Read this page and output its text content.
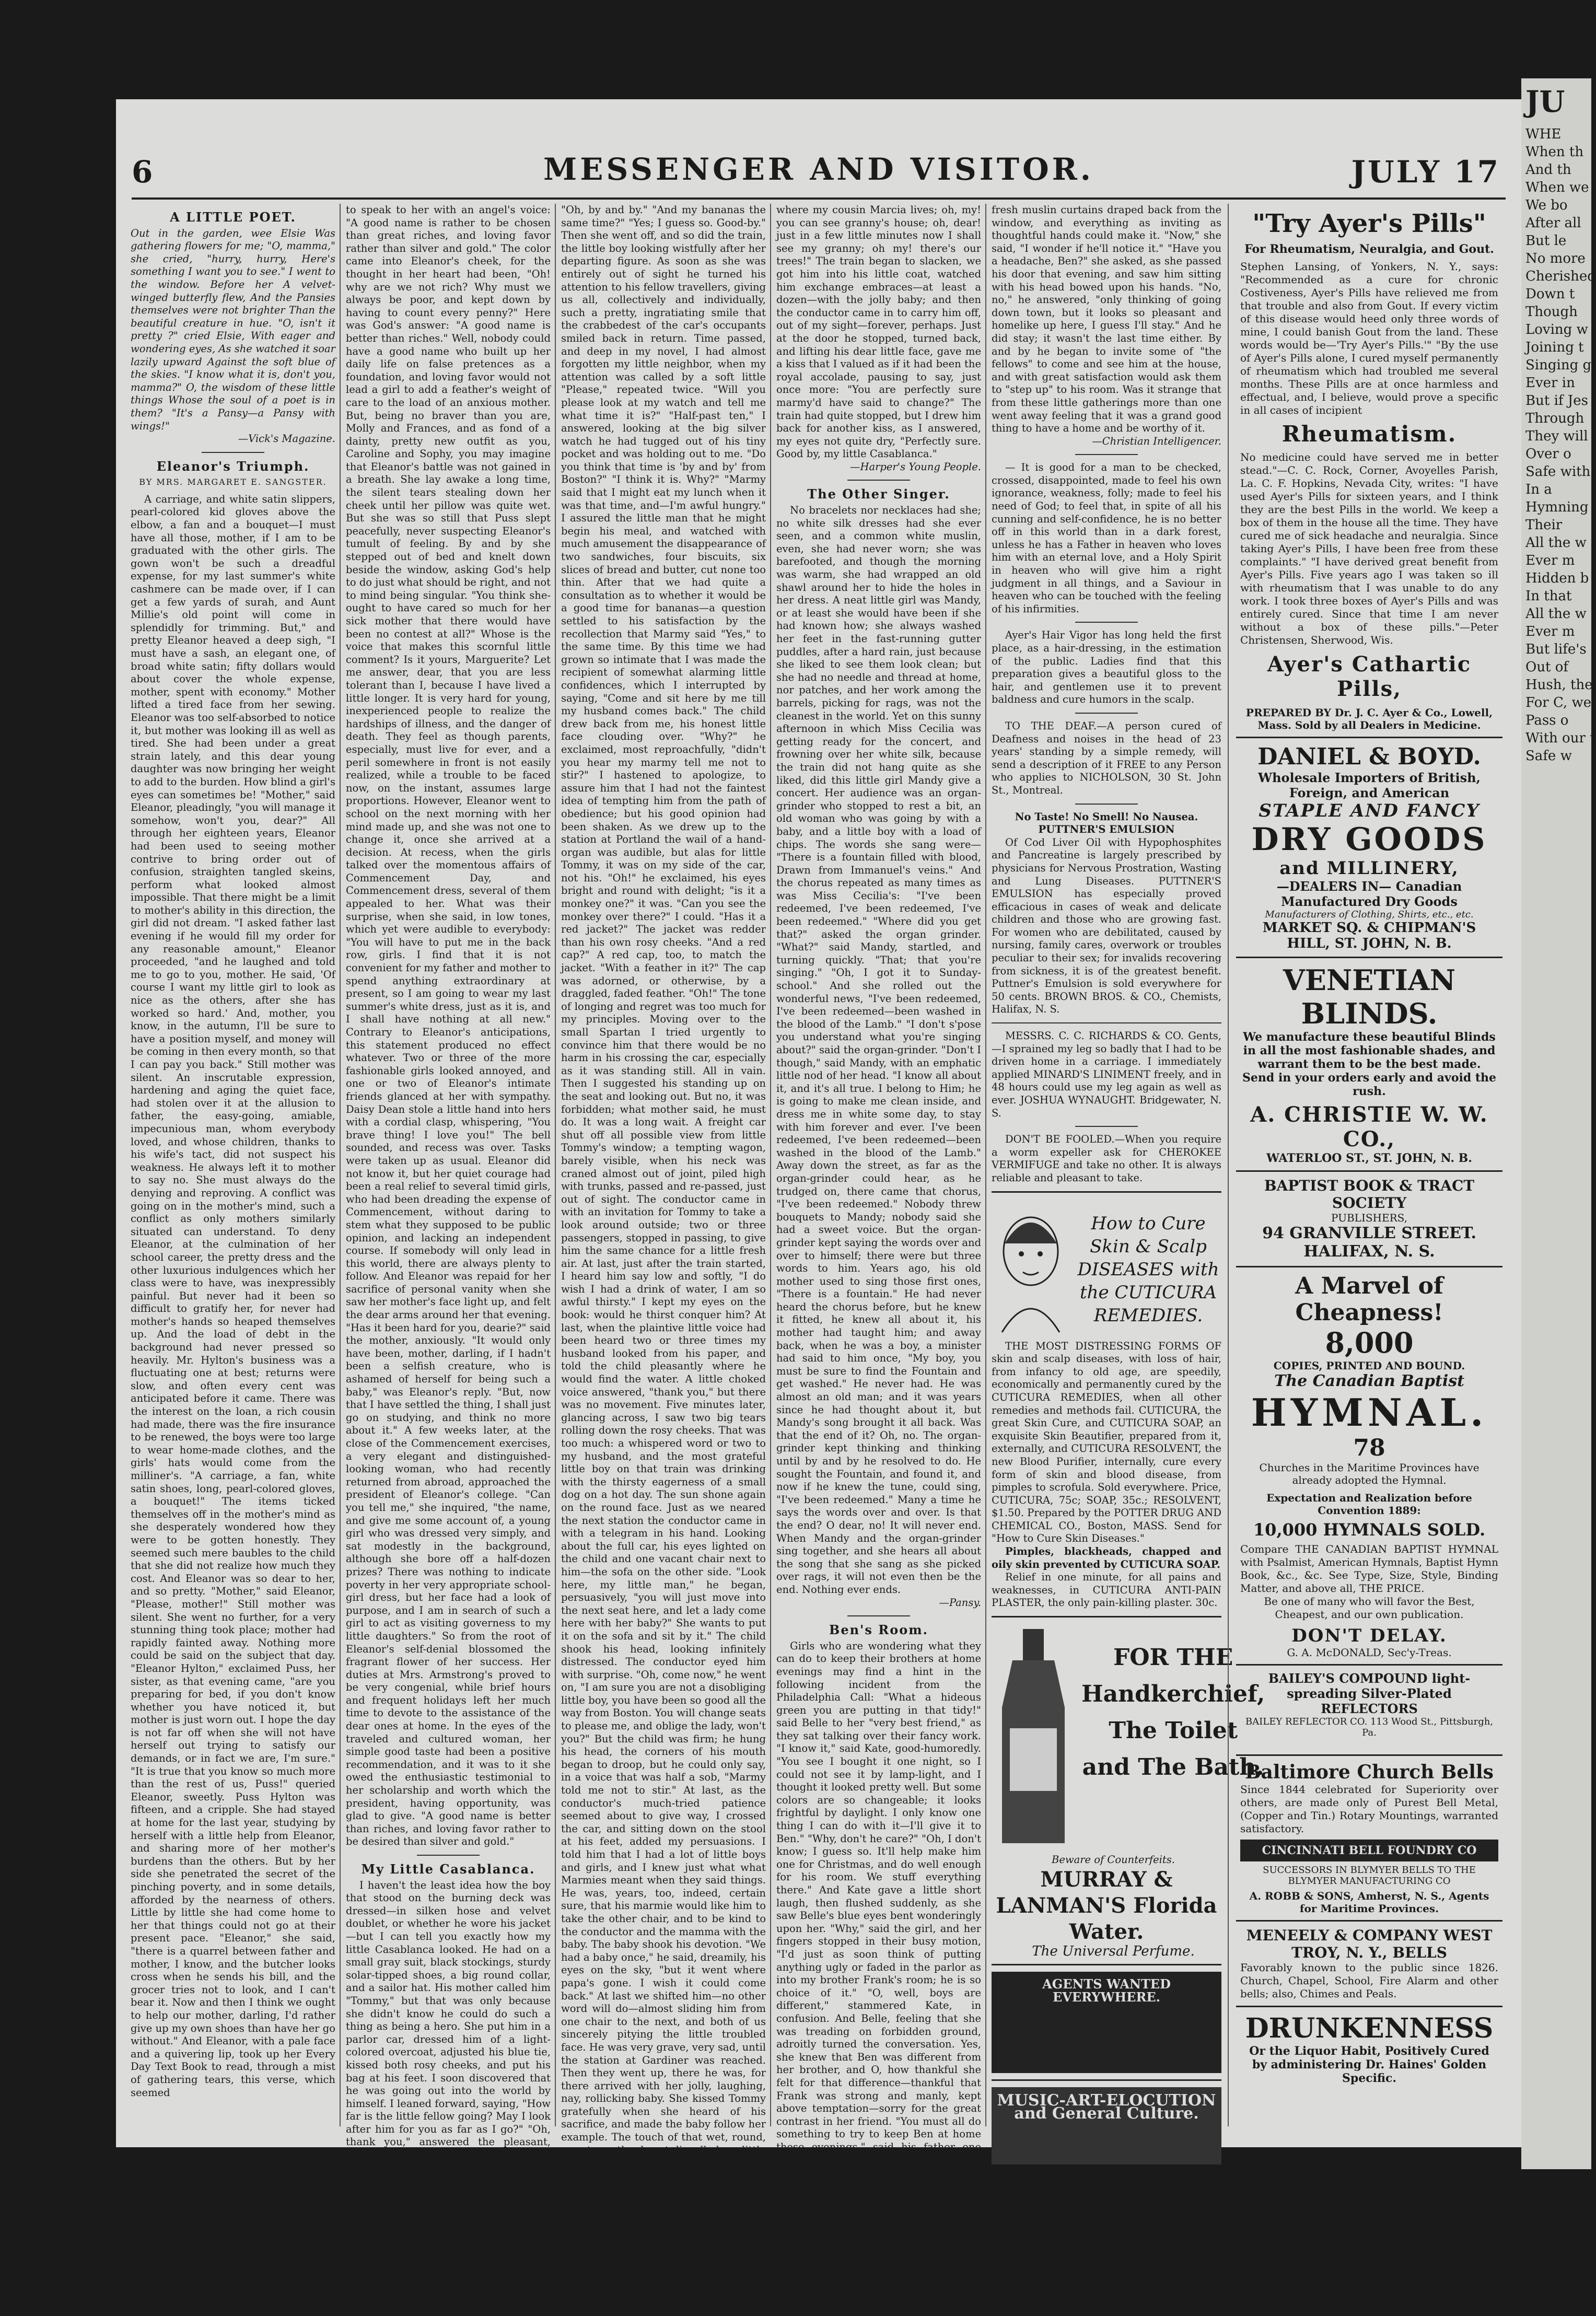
JU
WHE
When th
And th
When we
We bo
After all
But le
No more
Cherished
Down t
Though
Loving w
Joining t
Singing g
Ever in
But if Jes
Through
They will
Over o
Safe with
In a
Hymning
Their
All the w
Ever m
Hidden b
In that
All the w
Ever m
But life's
Out of
Hush, the
For C, we
Pass o
With our t
Safe w
6	MESSENGER AND VISITOR.	JULY 17
A LITTLE POET.

Out in the garden, wee Elsie Was gathering flowers for me; "O, mamma," she cried, "hurry, hurry, Here's something I want you to see." I went to the window. Before her A velvet-winged butterfly flew, And the Pansies themselves were not brighter Than the beautiful creature in hue. "O, isn't it pretty ?" cried Elsie, With eager and wondering eyes, As she watched it soar lazily upward Against the soft blue of the skies. "I know what it is, don't you, mamma?" O, the wisdom of these little things Whose the soul of a poet is in them? "It's a Pansy—a Pansy with wings!"

—Vick's Magazine.

Eleanor's Triumph.
BY MRS. MARGARET E. SANGSTER.

A carriage, and white satin slippers, pearl-colored kid gloves above the elbow, a fan and a bouquet—I must have all those, mother, if I am to be graduated with the other girls. The gown won't be such a dreadful expense, for my last summer's white cashmere can be made over, if I can get a few yards of surah, and Aunt Millie's old point will come in splendidly for trimming. But," and pretty Eleanor heaved a deep sigh, "I must have a sash, an elegant one, of broad white satin; fifty dollars would about cover the whole expense, mother, spent with economy." Mother lifted a tired face from her sewing. Eleanor was too self-absorbed to notice it, but mother was looking ill as well as tired. She had been under a great strain lately, and this dear young daughter was now bringing her weight to add to the burden. How blind a girl's eyes can sometimes be! "Mother," said Eleanor, pleadingly, "you will manage it somehow, won't you, dear?" All through her eighteen years, Eleanor had been used to seeing mother contrive to bring order out of confusion, straighten tangled skeins, perform what looked almost impossible. That there might be a limit to mother's ability in this direction, the girl did not dream. "I asked father last evening if he would fill my order for any reasonable amount," Eleanor proceeded, "and he laughed and told me to go to you, mother. He said, 'Of course I want my little girl to look as nice as the others, after she has worked so hard.' And, mother, you know, in the autumn, I'll be sure to have a position myself, and money will be coming in then every month, so that I can pay you back." Still mother was silent. An inscrutable expression, hardening and aging the quiet face, had stolen over it at the allusion to father, the easy-going, amiable, impecunious man, whom everybody loved, and whose children, thanks to his wife's tact, did not suspect his weakness. He always left it to mother to say no. She must always do the denying and reproving. A conflict was going on in the mother's mind, such a conflict as only mothers similarly situated can understand. To deny Eleanor, at the culmination of her school career, the pretty dress and the other luxurious indulgences which her class were to have, was inexpressibly painful. But never had it been so difficult to gratify her, for never had mother's hands so heaped themselves up. And the load of debt in the background had never pressed so heavily. Mr. Hylton's business was a fluctuating one at best; returns were slow, and often every cent was anticipated before it came. There was the interest on the loan, a rich cousin had made, there was the fire insurance to be renewed, the boys were too large to wear home-made clothes, and the girls' hats would come from the milliner's. "A carriage, a fan, white satin shoes, long, pearl-colored gloves, a bouquet!" The items ticked themselves off in the mother's mind as she desperately wondered how they were to be gotten honestly. They seemed such mere baubles to the child that she did not realize how much they cost. And Eleanor was so dear to her, and so pretty. "Mother," said Eleanor, "Please, mother!" Still mother was silent. She went no further, for a very stunning thing took place; mother had rapidly fainted away. Nothing more could be said on the subject that day. "Eleanor Hylton," exclaimed Puss, her sister, as that evening came, "are you preparing for bed, if you don't know whether you have noticed it, but mother is just worn out. I hope the day is not far off when she will not have herself out trying to satisfy our demands, or in fact we are, I'm sure." "It is true that you know so much more than the rest of us, Puss!" queried Eleanor, sweetly. Puss Hylton was fifteen, and a cripple. She had stayed at home for the last year, studying by herself with a little help from Eleanor, and sharing more of her mother's burdens than the others. But by her side she penetrated the secret of the pinching poverty, and in some details, afforded by the nearness of others. Little by little she had come home to her that things could not go at their present pace. "Eleanor," she said, "there is a quarrel between father and mother, I know, and the butcher looks cross when he sends his bill, and the grocer tries not to look, and I can't bear it. Now and then I think we ought to help our mother, darling, I'd rather give up my own shoes than have her go without." And Eleanor, with a pale face and a quivering lip, took up her Every Day Text Book to read, through a mist of gathering tears, this verse, which seemed

to speak to her with an angel's voice: "A good name is rather to be chosen than great riches, and loving favor rather than silver and gold." The color came into Eleanor's cheek, for the thought in her heart had been, "Oh! why are we not rich? Why must we always be poor, and kept down by having to count every penny?" Here was God's answer: "A good name is better than riches." Well, nobody could have a good name who built up her daily life on false pretences as a foundation, and loving favor would not lead a girl to add a feather's weight of care to the load of an anxious mother. But, being no braver than you are, Molly and Frances, and as fond of a dainty, pretty new outfit as you, Caroline and Sophy, you may imagine that Eleanor's battle was not gained in a breath. She lay awake a long time, the silent tears stealing down her cheek until her pillow was quite wet. But she was so still that Puss slept peacefully, never suspecting Eleanor's tumult of feeling. By and by she stepped out of bed and knelt down beside the window, asking God's help to do just what should be right, and not to mind being singular. "You think she-ought to have cared so much for her sick mother that there would have been no contest at all?" Whose is the voice that makes this scornful little comment? Is it yours, Marguerite? Let me answer, dear, that you are less tolerant than I, because I have lived a little longer. It is very hard for young, inexperienced people to realize the hardships of illness, and the danger of death. They feel as though parents, especially, must live for ever, and a peril somewhere in front is not easily realized, while a trouble to be faced now, on the instant, assumes large proportions. However, Eleanor went to school on the next morning with her mind made up, and she was not one to change it, once she arrived at a decision. At recess, when the girls talked over the momentous affairs of Commencement Day, and Commencement dress, several of them appealed to her. What was their surprise, when she said, in low tones, which yet were audible to everybody: "You will have to put me in the back row, girls. I find that it is not convenient for my father and mother to spend anything extraordinary at present, so I am going to wear my last summer's white dress, just as it is, and I shall have nothing at all new." Contrary to Eleanor's anticipations, this statement produced no effect whatever. Two or three of the more fashionable girls looked annoyed, and one or two of Eleanor's intimate friends glanced at her with sympathy. Daisy Dean stole a little hand into hers with a cordial clasp, whispering, "You brave thing! I love you!" The bell sounded, and recess was over. Tasks were taken up as usual. Eleanor did not know it, but her quiet courage had been a real relief to several timid girls, who had been dreading the expense of Commencement, without daring to stem what they supposed to be public opinion, and lacking an independent course. If somebody will only lead in this world, there are always plenty to follow. And Eleanor was repaid for her sacrifice of personal vanity when she saw her mother's face light up, and felt the dear arms around her that evening. "Has it been hard for you, dearie?" said the mother, anxiously. "It would only have been, mother, darling, if I hadn't been a selfish creature, who is ashamed of herself for being such a baby," was Eleanor's reply. "But, now that I have settled the thing, I shall just go on studying, and think no more about it." A few weeks later, at the close of the Commencement exercises, a very elegant and distinguished-looking woman, who had recently returned from abroad, approached the president of Eleanor's college. "Can you tell me," she inquired, "the name, and give me some account of, a young girl who was dressed very simply, and sat modestly in the background, although she bore off a half-dozen prizes? There was nothing to indicate poverty in her very appropriate school-girl dress, but her face had a look of purpose, and I am in search of such a girl to act as visiting governess to my little daughters." So from the root of Eleanor's self-denial blossomed the fragrant flower of her success. Her duties at Mrs. Armstrong's proved to be very congenial, while brief hours and frequent holidays left her much time to devote to the assistance of the dear ones at home. In the eyes of the traveled and cultured woman, her simple good taste had been a positive recommendation, and it was to it she owed the enthusiastic testimonial to her scholarship and worth which the president, having opportunity, was glad to give. "A good name is better than riches, and loving favor rather to be desired than silver and gold."

My Little Casablanca.

I haven't the least idea how the boy that stood on the burning deck was dressed—in silken hose and velvet doublet, or whether he wore his jacket—but I can tell you exactly how my little Casablanca looked. He had on a small gray suit, black stockings, sturdy solar-tipped shoes, a big round collar, and a sailor hat. His mother called him "Tommy," but that was only because she didn't know he could do such a thing as being a hero. She put him in a parlor car, dressed him of a light-colored overcoat, adjusted his blue tie, kissed both rosy cheeks, and put his bag at his feet. I soon discovered that he was going out into the world by himself. I leaned forward, saying, "How far is the little fellow going? May I look after him for you as far as I go?" "Oh, thank you," answered the pleasant, nursery-looking woman, "he's going to his grandpa's in Gardiner, and he won't go till he gets there, will you, Tommy?" "I won't stir out of my seat, and I'll tell all my messages." "That's a good boy; don't forget now." "I'll give your love to grampy and granny, and to Uncle Will and Aunt Jane." "Don't forget about Cousin Marcia and her folks." "I won't!" "And tell Mrs. Peters how we saw her brother. Good-by; be a good boy, and mind what grampy says." "Marmy, when shall I eat my lunch?"

"Oh, by and by." "And my bananas the same time?" "Yes; I guess so. Good-by." Then she went off, and so did the train, the little boy looking wistfully after her departing figure. As soon as she was entirely out of sight he turned his attention to his fellow travellers, giving us all, collectively and individually, such a pretty, ingratiating smile that the crabbedest of the car's occupants smiled back in return. Time passed, and deep in my novel, I had almost forgotten my little neighbor, when my attention was called by a soft little "Please," repeated twice. "Will you please look at my watch and tell me what time it is?" "Half-past ten," I answered, looking at the big silver watch he had tugged out of his tiny pocket and was holding out to me. "Do you think that time is 'by and by' from Boston?" "I think it is. Why?" "Marmy said that I might eat my lunch when it was that time, and—I'm awful hungry." I assured the little man that he might begin his meal, and watched with much amusement the disappearance of two sandwiches, four biscuits, six slices of bread and butter, cut none too thin. After that we had quite a consultation as to whether it would be a good time for bananas—a question settled to his satisfaction by the recollection that Marmy said "Yes," to the same time. By this time we had grown so intimate that I was made the recipient of somewhat alarming little confidences, which I interrupted by saying, "Come and sit here by me till my husband comes back." The child drew back from me, his honest little face clouding over. "Why?" he exclaimed, most reproachfully, "didn't you hear my marmy tell me not to stir?" I hastened to apologize, to assure him that I had not the faintest idea of tempting him from the path of obedience; but his good opinion had been shaken. As we drew up to the station at Portland the wail of a hand-organ was audible, but alas for little Tommy, it was on my side of the car, not his. "Oh!" he exclaimed, his eyes bright and round with delight; "is it a monkey one?" it was. "Can you see the monkey over there?" I could. "Has it a red jacket?" The jacket was redder than his own rosy cheeks. "And a red cap?" A red cap, too, to match the jacket. "With a feather in it?" The cap was adorned, or otherwise, by a draggled, faded feather. "Oh!" The tone of longing and regret was too much for my principles. Moving over to the small Spartan I tried urgently to convince him that there would be no harm in his crossing the car, especially as it was standing still. All in vain. Then I suggested his standing up on the seat and looking out. But no, it was forbidden; what mother said, he must do. It was a long wait. A freight car shut off all possible view from little Tommy's window; a tempting wagon, barely visible, when his neck was craned almost out of joint, piled high with trunks, passed and re-passed, just out of sight. The conductor came in with an invitation for Tommy to take a look around outside; two or three passengers, stopped in passing, to give him the same chance for a little fresh air. At last, just after the train started, I heard him say low and softly, "I do wish I had a drink of water, I am so awful thirsty." I kept my eyes on the book: would he thirst conquer him? At last, when the plaintive little voice had been heard two or three times my husband looked from his paper, and told the child pleasantly where he would find the water. A little choked voice answered, "thank you," but there was no movement. Five minutes later, glancing across, I saw two big tears rolling down the rosy cheeks. That was too much: a whispered word or two to my husband, and the most grateful little boy on that train was drinking with the thirsty eagerness of a small dog on a hot day. The sun shone again on the round face. Just as we neared the next station the conductor came in with a telegram in his hand. Looking about the full car, his eyes lighted on the child and one vacant chair next to him—the sofa on the other side. "Look here, my little man," he began, persuasively, "you will just move into the next seat here, and let a lady come here with her baby?" She wants to put it on the sofa and sit by it." The child shook his head, looking infinitely distressed. The conductor eyed him with surprise. "Oh, come now," he went on, "I am sure you are not a disobliging little boy, you have been so good all the way from Boston. You will change seats to please me, and oblige the lady, won't you?" But the child was firm; he hung his head, the corners of his mouth began to droop, but he could only say, in a voice that was half a sob, "Marmy told me not to stir." At last, as the conductor's much-tried patience seemed about to give way, I crossed the car, and sitting down on the stool at his feet, added my persuasions. I told him that I had a lot of little boys and girls, and I knew just what what Marmies meant when they said things. He was, years, too, indeed, certain sure, that his marmie would like him to take the other chair, and to be kind to the conductor and the mamma with the baby. The baby shook his devotion. "We had a baby once," he said, dreamily, his eyes on the sky, "but it went where papa's gone. I wish it could come back." At last we shifted him—no other word will do—almost sliding him from one chair to the next, and both of us sincerely pitying the little troubled face. He was very grave, very sad, until the station at Gardiner was reached. Then they went up, there he was, for there arrived with her jolly, laughing, nay, rollicking baby. She kissed Tommy gratefully when she heard of his sacrifice, and made the baby follow her example. The touch of that wet, round, sweet mouth, almost dispelled my little hero's remorse. Not once alone, but ten times at least, even in the midst of his play with the merry baby, though, did he look over at me and ask, oh, so wistfully, "Are you sure?" At last the train drew up at Gardiner, and the weight rolled from Casablanca's spirits. "Oh! oh!" he cried out loudly, "there is! there it is! just the same; I haven't stirred, and there's John Morton's house; yes, there it is; oh, my! oh, my! there's

where my cousin Marcia lives; oh, my! you can see granny's house; oh, dear! just in a few little minutes now I shall see my granny; oh my! there's our trees!" The train began to slacken, we got him into his little coat, watched him exchange embraces—at least a dozen—with the jolly baby; and then the conductor came in to carry him off, out of my sight—forever, perhaps. Just at the door he stopped, turned back, and lifting his dear little face, gave me a kiss that I valued as if it had been the royal accolade, pausing to say, just once more: "You are perfectly sure marmy'd have said to change?" The train had quite stopped, but I drew him back for another kiss, as I answered, my eyes not quite dry, "Perfectly sure. Good by, my little Casablanca."

—Harper's Young People.

The Other Singer.

No bracelets nor necklaces had she; no white silk dresses had she ever seen, and a common white muslin, even, she had never worn; she was barefooted, and though the morning was warm, she had wrapped an old shawl around her to hide the holes in her dress. A neat little girl was Mandy, or at least she would have been if she had known how; she always washed her feet in the fast-running gutter puddles, after a hard rain, just because she liked to see them look clean; but she had no needle and thread at home, nor patches, and her work among the barrels, picking for rags, was not the cleanest in the world. Yet on this sunny afternoon in which Miss Cecilia was getting ready for the concert, and frowning over her white silk, because the train did not hang quite as she liked, did this little girl Mandy give a concert. Her audience was an organ-grinder who stopped to rest a bit, an old woman who was going by with a baby, and a little boy with a load of chips. The words she sang were— "There is a fountain filled with blood, Drawn from Immanuel's veins." And the chorus repeated as many times as was Miss Cecilia's: "I've been redeemed, I've been redeemed, I've been redeemed." "Where did you get that?" asked the organ grinder. "What?" said Mandy, startled, and turning quickly. "That; that you're singing." "Oh, I got it to Sunday-school." And she rolled out the wonderful news, "I've been redeemed, I've been redeemed—been washed in the blood of the Lamb." "I don't s'pose you understand what you're singing about?" said the organ-grinder. "Don't I though," said Mandy, with an emphatic little nod of her head. "I know all about it, and it's all true. I belong to Him; he is going to make me clean inside, and dress me in white some day, to stay with him forever and ever. I've been redeemed, I've been redeemed—been washed in the blood of the Lamb." Away down the street, as far as the organ-grinder could hear, as he trudged on, there came that chorus, "I've been redeemed." Nobody threw bouquets to Mandy; nobody said she had a sweet voice. But the organ-grinder kept saying the words over and over to himself; there were but three words to him. Years ago, his old mother used to sing those first ones, "There is a fountain." He had never heard the chorus before, but he knew it fitted, he knew all about it, his mother had taught him; and away back, when he was a boy, a minister had said to him once, "My boy, you must be sure to find the Fountain and get washed." He never had. He was almost an old man; and it was years since he had thought about it, but Mandy's song brought it all back. Was that the end of it? Oh, no. The organ-grinder kept thinking and thinking until by and by he resolved to do. He sought the Fountain, and found it, and now if he knew the tune, could sing, "I've been redeemed." Many a time he says the words over and over. Is that the end? O dear, no! It will never end. When Mandy and the organ-grinder sing together, and she hears all about the song that she sang as she picked over rags, it will not even then be the end. Nothing ever ends.

—Pansy.

Ben's Room.

Girls who are wondering what they can do to keep their brothers at home evenings may find a hint in the following incident from the Philadelphia Call: "What a hideous green you are putting in that tidy!" said Belle to her "very best friend," as they sat talking over their fancy work. "I know it," said Kate, good-humoredly. "You see I bought it one night, so I could not see it by lamp-light, and I thought it looked pretty well. But some colors are so changeable; it looks frightful by daylight. I only know one thing I can do with it—I'll give it to Ben." "Why, don't he care?" "Oh, I don't know; I guess so. It'll help make him one for Christmas, and do well enough for his room. We stuff everything there." And Kate gave a little short laugh, then flushed suddenly, as she saw Belle's blue eyes bent wonderingly upon her. "Why," said the girl, and her fingers stopped in their busy motion, "I'd just as soon think of putting anything ugly or faded in the parlor as into my brother Frank's room; he is so choice of it." "O, well, boys are different," stammered Kate, in confusion. And Belle, feeling that she was treading on forbidden ground, adroitly turned the conversation. Yes, she knew that Ben was different from her brother, and O, how thankful she felt for that difference—thankful that Frank was strong and manly, kept above temptation—sorry for the great contrast in her friend. "You must all do something to try to keep Ben at home these evenings," said his father one day. "I don't like the way he is spending his time." And Kate, as she heard the words, wondered what could be done. That afternoon there was a great overhauling of furniture up stairs, and by supper time quite a transformation had taken place in Ben's room. There were pretty, light chromos, and one or two choice engravings, on the wall, hitherto bare; dainty white mats on the bureau,

fresh muslin curtains draped back from the window, and everything as inviting as thoughtful hands could make it. "Now," she said, "I wonder if he'll notice it." "Have you a headache, Ben?" she asked, as she passed his door that evening, and saw him sitting with his head bowed upon his hands. "No, no," he answered, "only thinking of going down town, but it looks so pleasant and homelike up here, I guess I'll stay." And he did stay; it wasn't the last time either. By and by he began to invite some of "the fellows" to come and see him at the house, and with great satisfaction would ask them to "step up" to his room. Was it strange that from these little gatherings more than one went away feeling that it was a grand good thing to have a home and be worthy of it.

—Christian Intelligencer.

— It is good for a man to be checked, crossed, disappointed, made to feel his own ignorance, weakness, folly; made to feel his need of God; to feel that, in spite of all his cunning and self-confidence, he is no better off in this world than in a dark forest, unless he has a Father in heaven who loves him with an eternal love, and a Holy Spirit in heaven who will give him a right judgment in all things, and a Saviour in heaven who can be touched with the feeling of his infirmities.

Ayer's Hair Vigor has long held the first place, as a hair-dressing, in the estimation of the public. Ladies find that this preparation gives a beautiful gloss to the hair, and gentlemen use it to prevent baldness and cure humors in the scalp.

TO THE DEAF.—A person cured of Deafness and noises in the head of 23 years' standing by a simple remedy, will send a description of it FREE to any Person who applies to NICHOLSON, 30 St. John St., Montreal.

No Taste! No Smell! No Nausea. PUTTNER'S EMULSION

Of Cod Liver Oil with Hypophosphites and Pancreatine is largely prescribed by physicians for Nervous Prostration, Wasting and Lung Diseases. PUTTNER'S EMULSION has especially proved efficacious in cases of weak and delicate children and those who are growing fast. For women who are debilitated, caused by nursing, family cares, overwork or troubles peculiar to their sex; for invalids recovering from sickness, it is of the greatest benefit. Puttner's Emulsion is sold everywhere for 50 cents. BROWN BROS. & CO., Chemists, Halifax, N. S.

MESSRS. C. C. RICHARDS & CO. Gents,—I sprained my leg so badly that I had to be driven home in a carriage. I immediately applied MINARD'S LINIMENT freely, and in 48 hours could use my leg again as well as ever. JOSHUA WYNAUGHT. Bridgewater, N. S.

DON'T BE FOOLED.—When you require a worm expeller ask for CHEROKEE VERMIFUGE and take no other. It is always reliable and pleasant to take.

How to Cure Skin & Scalp DISEASES with the CUTICURA REMEDIES.

THE MOST DISTRESSING FORMS OF skin and scalp diseases, with loss of hair, from infancy to old age, are speedily, economically and permanently cured by the CUTICURA REMEDIES, when all other remedies and methods fail. CUTICURA, the great Skin Cure, and CUTICURA SOAP, an exquisite Skin Beautifier, prepared from it, externally, and CUTICURA RESOLVENT, the new Blood Purifier, internally, cure every form of skin and blood disease, from pimples to scrofula. Sold everywhere. Price, CUTICURA, 75c; SOAP, 35c.; RESOLVENT, $1.50. Prepared by the POTTER DRUG AND CHEMICAL CO., Boston, MASS. Send for "How to Cure Skin Diseases."

Pimples, blackheads, chapped and oily skin prevented by CUTICURA SOAP.

Relief in one minute, for all pains and weaknesses, in CUTICURA ANTI-PAIN PLASTER, the only pain-killing plaster. 30c.

FOR THE Handkerchief, The Toilet and The Bath.

Beware of Counterfeits.

MURRAY & LANMAN'S Florida Water.

The Universal Perfume.

AGENTS WANTED EVERYWHERE.
MUSIC-ART-ELOCUTION and General Culture.
"Try Ayer's Pills"
For Rheumatism, Neuralgia, and Gout.
Stephen Lansing, of Yonkers, N. Y., says: "Recommended as a cure for chronic Costiveness, Ayer's Pills have relieved me from that trouble and also from Gout. If every victim of this disease would heed only three words of mine, I could banish Gout from the land. These words would be—'Try Ayer's Pills.'" "By the use of Ayer's Pills alone, I cured myself permanently of rheumatism which had troubled me several months. These Pills are at once harmless and effectual, and, I believe, would prove a specific in all cases of incipient
Rheumatism.
No medicine could have served me in better stead."—C. C. Rock, Corner, Avoyelles Parish, La. C. F. Hopkins, Nevada City, writes: "I have used Ayer's Pills for sixteen years, and I think they are the best Pills in the world. We keep a box of them in the house all the time. They have cured me of sick headache and neuralgia. Since taking Ayer's Pills, I have been free from these complaints." "I have derived great benefit from Ayer's Pills. Five years ago I was taken so ill with rheumatism that I was unable to do any work. I took three boxes of Ayer's Pills and was entirely cured. Since that time I am never without a box of these pills."—Peter Christensen, Sherwood, Wis.
Ayer's Cathartic Pills,
PREPARED BY Dr. J. C. Ayer & Co., Lowell, Mass. Sold by all Dealers in Medicine.
DANIEL & BOYD.
Wholesale Importers of British, Foreign, and American
STAPLE AND FANCY
DRY GOODS
and MILLINERY,
—DEALERS IN— Canadian Manufactured Dry Goods
Manufacturers of Clothing, Shirts, etc., etc.
MARKET SQ. & CHIPMAN'S HILL, ST. JOHN, N. B.
VENETIAN BLINDS.
We manufacture these beautiful Blinds in all the most fashionable shades, and warrant them to be the best made. Send in your orders early and avoid the rush.
A. CHRISTIE W. W. CO.,
WATERLOO ST., ST. JOHN, N. B.
BAPTIST BOOK & TRACT SOCIETY
PUBLISHERS,
94 GRANVILLE STREET. HALIFAX, N. S.
A Marvel of Cheapness!
8,000
COPIES, PRINTED AND BOUND.
The Canadian Baptist
HYMNAL.
78
Churches in the Maritime Provinces have already adopted the Hymnal.
Expectation and Realization before Convention 1889:
10,000 HYMNALS SOLD.
Compare THE CANADIAN BAPTIST HYMNAL with Psalmist, American Hymnals, Baptist Hymn Book, &c., &c. See Type, Size, Style, Binding Matter, and above all, THE PRICE.
Be one of many who will favor the Best, Cheapest, and our own publication.
DON'T DELAY.
G. A. McDONALD, Sec'y-Treas.
BAILEY'S COMPOUND light-spreading Silver-Plated REFLECTORS
BAILEY REFLECTOR CO. 113 Wood St., Pittsburgh, Pa.
Baltimore Church Bells
Since 1844 celebrated for Superiority over others, are made only of Purest Bell Metal, (Copper and Tin.) Rotary Mountings, warranted satisfactory.
CINCINNATI BELL FOUNDRY CO
SUCCESSORS IN BLYMYER BELLS TO THE BLYMYER MANUFACTURING CO
A. ROBB & SONS, Amherst, N. S., Agents for Maritime Provinces.
MENEELY & COMPANY WEST TROY, N. Y., BELLS
Favorably known to the public since 1826. Church, Chapel, School, Fire Alarm and other bells; also, Chimes and Peals.
DRUNKENNESS
Or the Liquor Habit, Positively Cured by administering Dr. Haines' Golden Specific.
